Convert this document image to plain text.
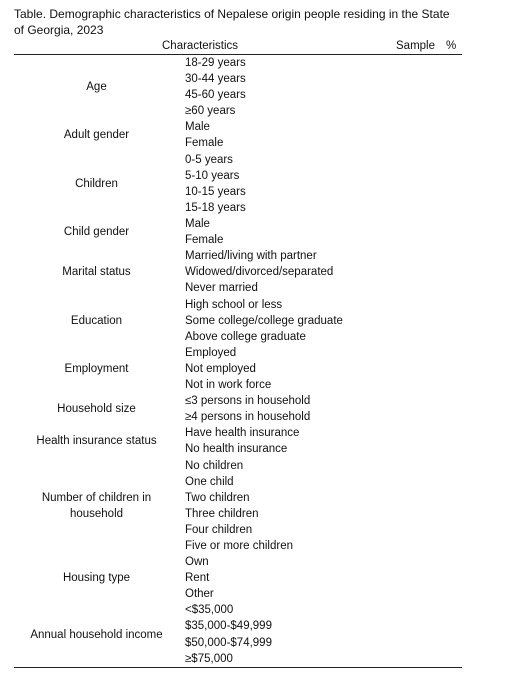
Table. Demographic characteristics of Nepalese origin people residing in the State of Georgia, 2023
Characteristics	Sample %
Age
18-29 years
30-44 years
45-60 years
≥60 years
Adult gender
Male
Female
Children
0-5 years
5-10 years
10-15 years
15-18 years
Child gender
Male
Female
Marital status
Married/living with partner
Widowed/divorced/separated
Never married
Education
High school or less
Some college/college graduate
Above college graduate
Employment
Employed
Not employed
Not in work force
Household size
≤3 persons in household
≥4 persons in household
Health insurance status
Have health insurance
No health insurance
Number of children in household
No children
One child
Two children
Three children
Four children
Five or more children
Housing type
Own
Rent
Other
Annual household income
<$35,000
$35,000-$49,999
$50,000-$74,999
≥$75,000
